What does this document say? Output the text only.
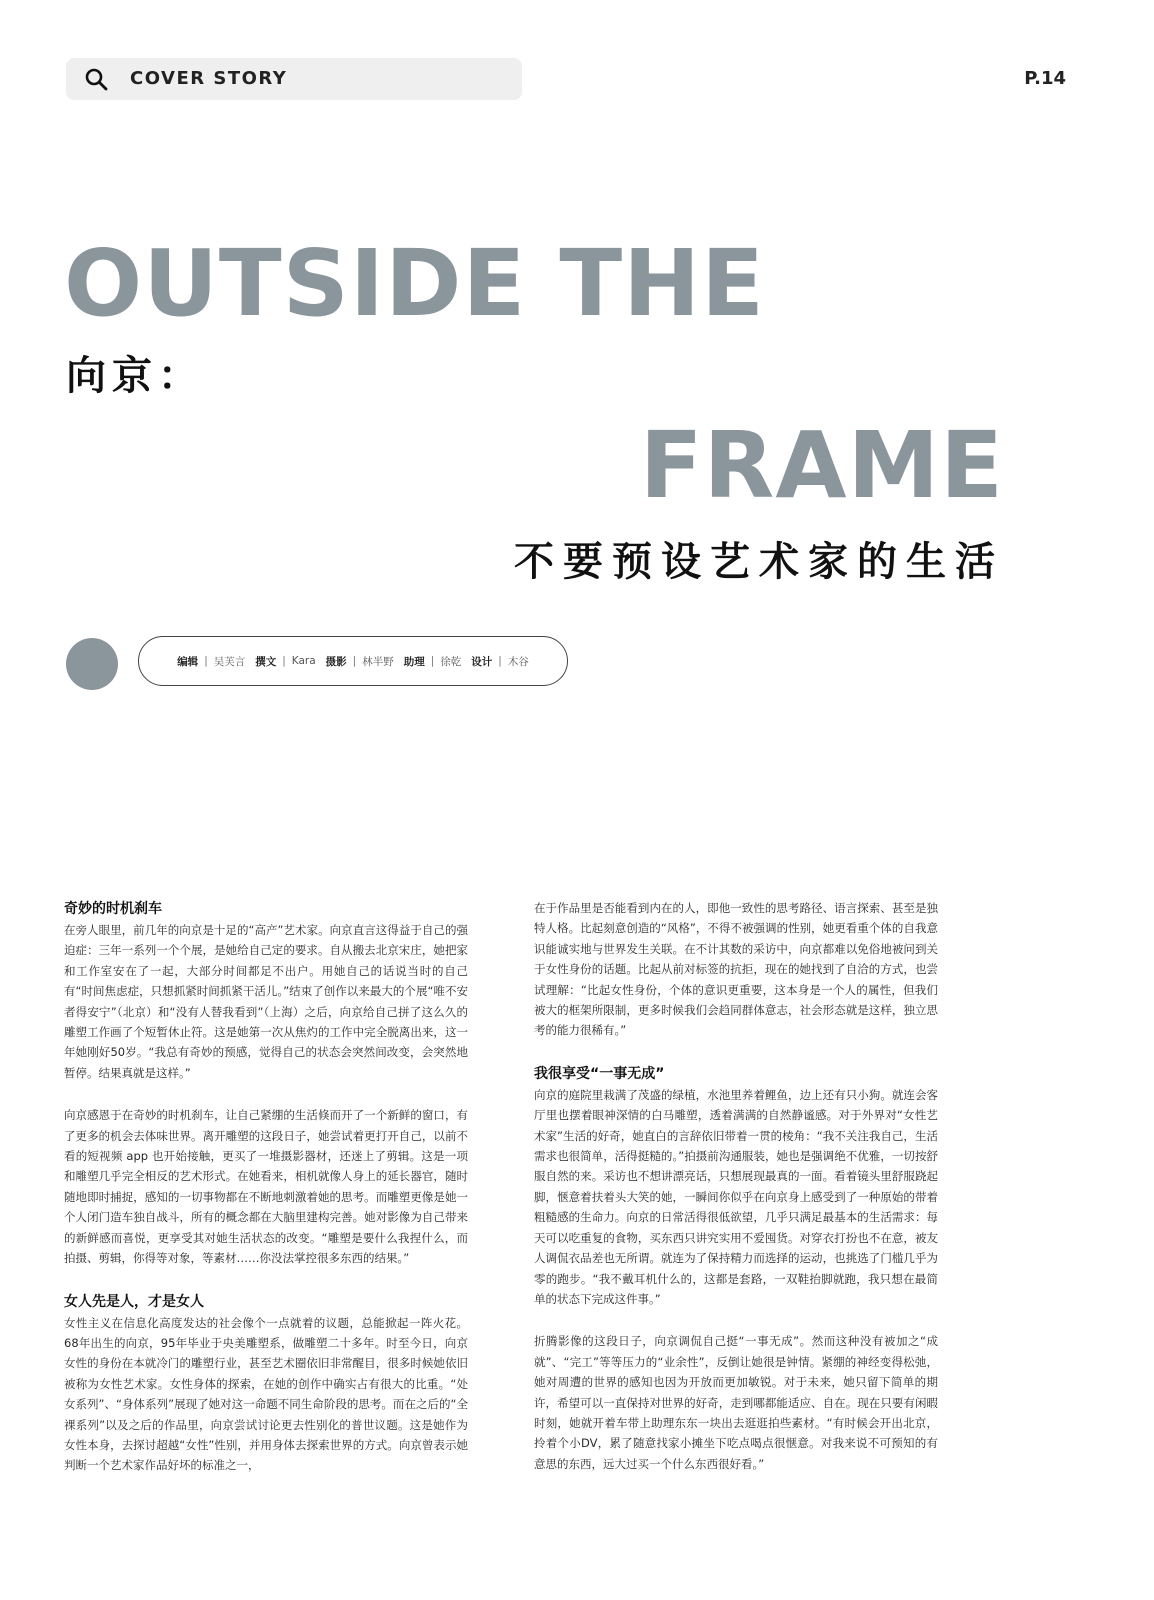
COVER STORY	P.14
OUTSIDE THE
向京：
FRAME
不要预设艺术家的生活
编辑 | 吴芙言 撰文 | Kara 摄影 | 林半野 助理 | 徐乾 设计 | 木谷
奇妙的时机刹车

在旁人眼里，前几年的向京是十足的“高产”艺术家。向京直言这得益于自己的强迫症：三年一系列一个个展，是她给自己定的要求。自从搬去北京宋庄，她把家和工作室安在了一起，大部分时间都足不出户。用她自己的话说当时的自己有“时间焦虑症，只想抓紧时间抓紧干活儿。”结束了创作以来最大的个展“唯不安者得安宁”（北京）和“没有人替我看到”（上海）之后，向京给自己拼了这么久的雕塑工作画了个短暂休止符。这是她第一次从焦灼的工作中完全脱离出来，这一年她刚好50岁。“我总有奇妙的预感，觉得自己的状态会突然间改变，会突然地暂停。结果真就是这样。”

向京感恩于在奇妙的时机刹车，让自己紧绷的生活倏而开了一个新鲜的窗口，有了更多的机会去体味世界。离开雕塑的这段日子，她尝试着更打开自己，以前不看的短视频 app 也开始接触，更买了一堆摄影器材，还迷上了剪辑。这是一项和雕塑几乎完全相反的艺术形式。在她看来，相机就像人身上的延长器官，随时随地即时捕捉，感知的一切事物都在不断地刺激着她的思考。而雕塑更像是她一个人闭门造车独自战斗，所有的概念都在大脑里建构完善。她对影像为自己带来的新鲜感而喜悦，更享受其对她生活状态的改变。“雕塑是要什么我捏什么，而拍摄、剪辑，你得等对象，等素材……你没法掌控很多东西的结果。”

女人先是人，才是女人

女性主义在信息化高度发达的社会像个一点就着的议题，总能掀起一阵火花。68年出生的向京，95年毕业于央美雕塑系，做雕塑二十多年。时至今日，向京女性的身份在本就冷门的雕塑行业，甚至艺术圈依旧非常醒目，很多时候她依旧被称为女性艺术家。女性身体的探索，在她的创作中确实占有很大的比重。“处女系列”、“身体系列”展现了她对这一命题不同生命阶段的思考。而在之后的“全裸系列”以及之后的作品里，向京尝试讨论更去性别化的普世议题。这是她作为女性本身，去探讨超越“女性”性别，并用身体去探索世界的方式。向京曾表示她判断一个艺术家作品好坏的标准之一，

在于作品里是否能看到内在的人，即他一致性的思考路径、语言探索、甚至是独特人格。比起刻意创造的“风格”，不得不被强调的性别，她更看重个体的自我意识能诚实地与世界发生关联。在不计其数的采访中，向京都难以免俗地被问到关于女性身份的话题。比起从前对标签的抗拒，现在的她找到了自洽的方式，也尝试理解：“比起女性身份，个体的意识更重要，这本身是一个人的属性，但我们被大的框架所限制，更多时候我们会趋同群体意志，社会形态就是这样，独立思考的能力很稀有。”

我很享受“一事无成”

向京的庭院里栽满了茂盛的绿植，水池里养着鲤鱼，边上还有只小狗。就连会客厅里也摆着眼神深情的白马雕塑，透着满满的自然静谧感。对于外界对“女性艺术家”生活的好奇，她直白的言辞依旧带着一贯的棱角：“我不关注我自己，生活需求也很简单，活得挺糙的。”拍摄前沟通服装，她也是强调绝不优雅，一切按舒服自然的来。采访也不想讲漂亮话，只想展现最真的一面。看着镜头里舒服跷起脚，惬意着扶着头大笑的她，一瞬间你似乎在向京身上感受到了一种原始的带着粗糙感的生命力。向京的日常活得很低欲望，几乎只满足最基本的生活需求：每天可以吃重复的食物，买东西只讲究实用不爱囤货。对穿衣打扮也不在意，被友人调侃衣品差也无所谓。就连为了保持精力而选择的运动，也挑选了门槛几乎为零的跑步。“我不戴耳机什么的，这都是套路，一双鞋抬脚就跑，我只想在最简单的状态下完成这件事。”

折腾影像的这段日子，向京调侃自己挺“一事无成”。然而这种没有被加之“成就”、“完工”等等压力的“业余性”，反倒让她很是钟情。紧绷的神经变得松弛，她对周遭的世界的感知也因为开放而更加敏锐。对于未来，她只留下简单的期许，希望可以一直保持对世界的好奇，走到哪都能适应、自在。现在只要有闲暇时刻，她就开着车带上助理东东一块出去逛逛拍些素材。“有时候会开出北京，拎着个小DV，累了随意找家小摊坐下吃点喝点很惬意。对我来说不可预知的有意思的东西，远大过买一个什么东西很好看。”
